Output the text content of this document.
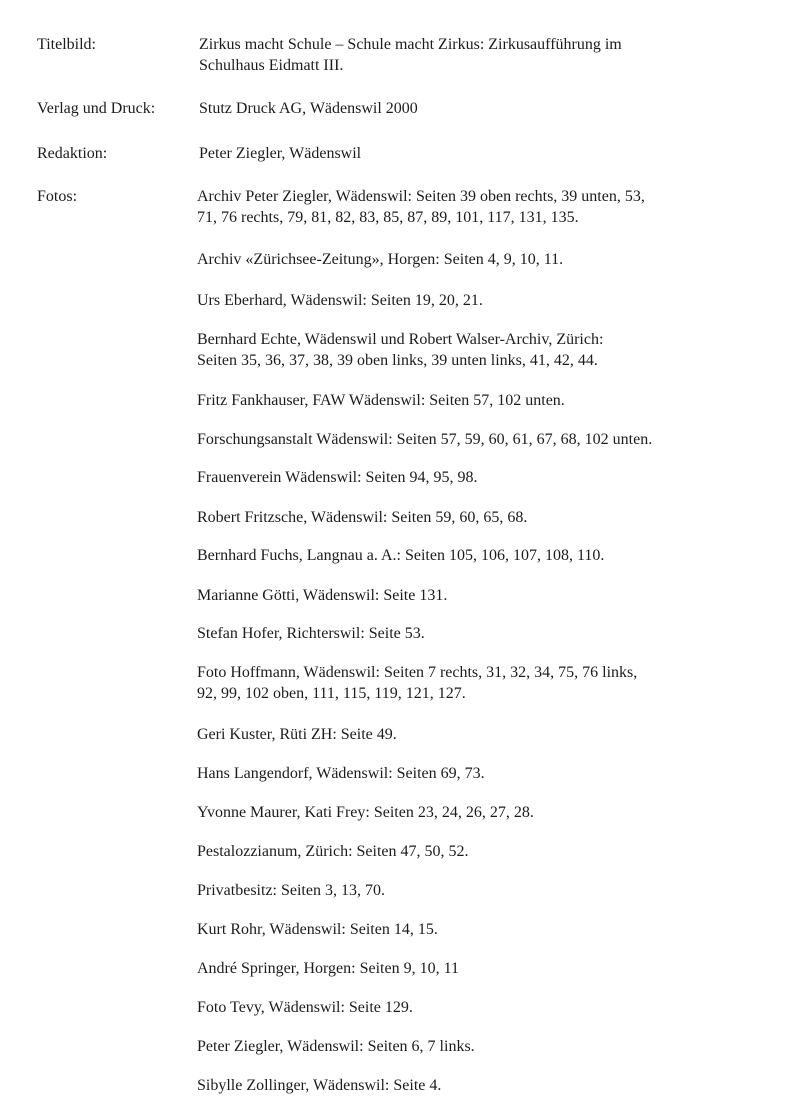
Titelbild:	Zirkus macht Schule – Schule macht Zirkus: Zirkusaufführung im
Schulhaus Eidmatt III.
Verlag und Druck:	Stutz Druck AG, Wädenswil 2000
Redaktion:	Peter Ziegler, Wädenswil
Fotos:	Archiv Peter Ziegler, Wädenswil: Seiten 39 oben rechts, 39 unten, 53,
71, 76 rechts, 79, 81, 82, 83, 85, 87, 89, 101, 117, 131, 135.
Archiv «Zürichsee-Zeitung», Horgen: Seiten 4, 9, 10, 11.
Urs Eberhard, Wädenswil: Seiten 19, 20, 21.
Bernhard Echte, Wädenswil und Robert Walser-Archiv, Zürich:
Seiten 35, 36, 37, 38, 39 oben links, 39 unten links, 41, 42, 44.
Fritz Fankhauser, FAW Wädenswil: Seiten 57, 102 unten.
Forschungsanstalt Wädenswil: Seiten 57, 59, 60, 61, 67, 68, 102 unten.
Frauenverein Wädenswil: Seiten 94, 95, 98.
Robert Fritzsche, Wädenswil: Seiten 59, 60, 65, 68.
Bernhard Fuchs, Langnau a. A.: Seiten 105, 106, 107, 108, 110.
Marianne Götti, Wädenswil: Seite 131.
Stefan Hofer, Richterswil: Seite 53.
Foto Hoffmann, Wädenswil: Seiten 7 rechts, 31, 32, 34, 75, 76 links,
92, 99, 102 oben, 111, 115, 119, 121, 127.
Geri Kuster, Rüti ZH: Seite 49.
Hans Langendorf, Wädenswil: Seiten 69, 73.
Yvonne Maurer, Kati Frey: Seiten 23, 24, 26, 27, 28.
Pestalozzianum, Zürich: Seiten 47, 50, 52.
Privatbesitz: Seiten 3, 13, 70.
Kurt Rohr, Wädenswil: Seiten 14, 15.
André Springer, Horgen: Seiten 9, 10, 11
Foto Tevy, Wädenswil: Seite 129.
Peter Ziegler, Wädenswil: Seiten 6, 7 links.
Sibylle Zollinger, Wädenswil: Seite 4.
